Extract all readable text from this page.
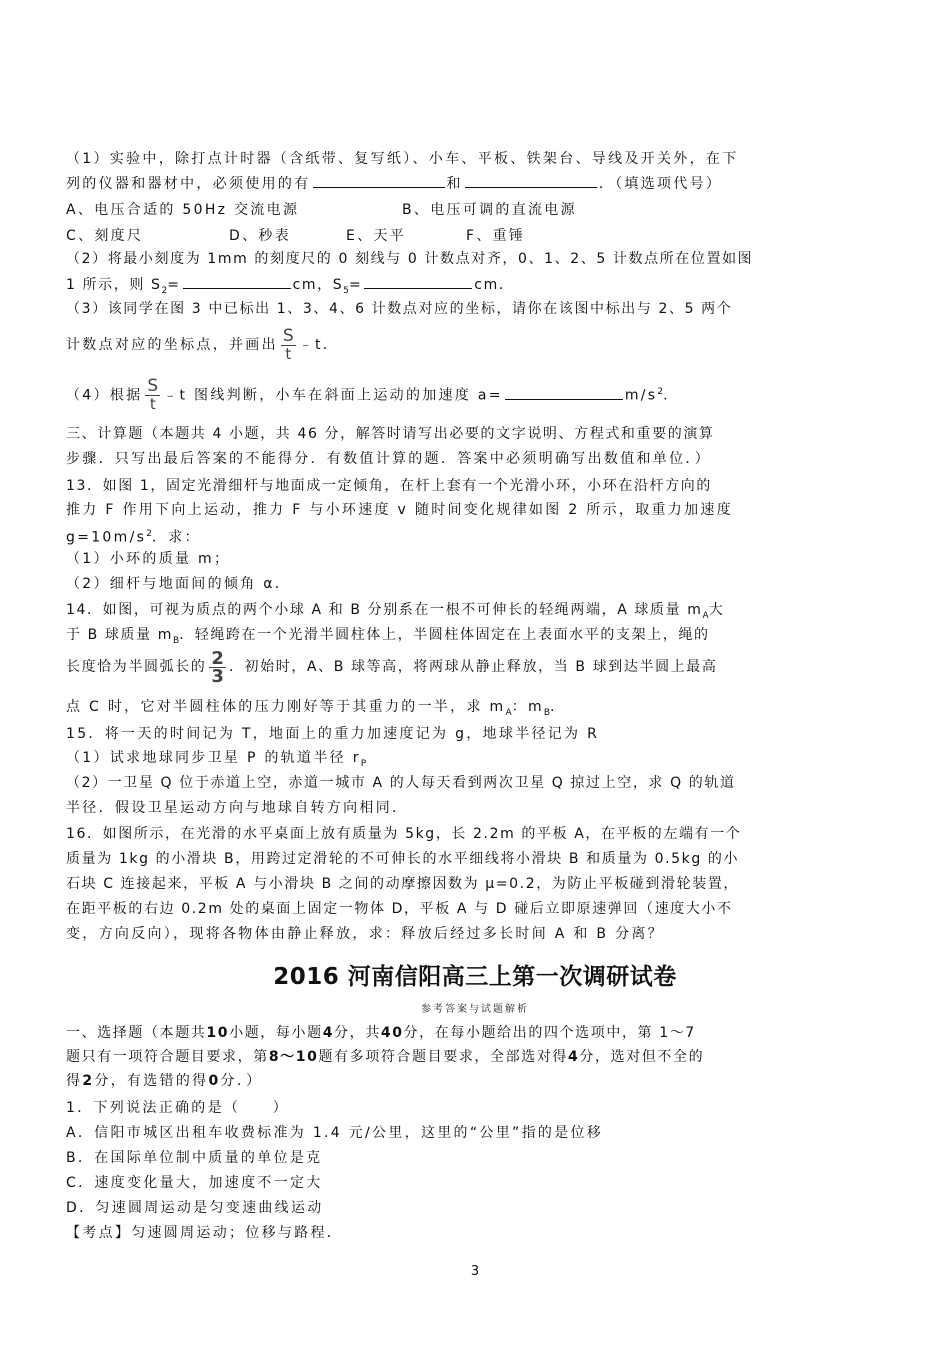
（1）实验中，除打点计时器（含纸带、复写纸）、小车、平板、铁架台、导线及开关外，在下
列的仪器和器材中，必须使用的有	和	．（填选项代号）
A、电压合适的 50Hz 交流电源	B、电压可调的直流电源
C、刻度尺	D、秒表	E、天平	F、重锤
（2）将最小刻度为 1mm 的刻度尺的 0 刻线与 0 计数点对齐，0、1、2、5 计数点所在位置如图
1 所示，则 $S_2=$	cm，$S_5=$	cm．
（3）该同学在图 3 中已标出 1、3、4、6 计数点对应的坐标，请你在该图中标出与 2、5 两个
计数点对应的坐标点，并画出 $\frac{S}{t}$ ﹣t．
（4）根据 $\frac{S}{t}$ ﹣t 图线判断，小车在斜面上运动的加速度 a=	$m/s^2$.
三、计算题（本题共 4 小题，共 46 分，解答时请写出必要的文字说明、方程式和重要的演算
步骤．只写出最后答案的不能得分．有数值计算的题．答案中必须明确写出数值和单位．）
13．如图 1，固定光滑细杆与地面成一定倾角，在杆上套有一个光滑小环，小环在沿杆方向的
推力 F 作用下向上运动，推力 F 与小环速度 v 随时间变化规律如图 2 所示，取重力加速度
$g=10m/s^2$．求：
（1）小环的质量 m；
（2）细杆与地面间的倾角 α．
14．如图，可视为质点的两个小球 A 和 B 分别系在一根不可伸长的轻绳两端，A 球质量 $m_A$大
于 B 球质量 $m_B$．轻绳跨在一个光滑半圆柱体上，半圆柱体固定在上表面水平的支架上，绳的
长度恰为半圆弧长的 $\frac{2}{3}$ ．初始时，A、B 球等高，将两球从静止释放，当 B 球到达半圆上最高
点 C 时，它对半圆柱体的压力刚好等于其重力的一半，求 $m_A$：$m_B$．
15．将一天的时间记为 T，地面上的重力加速度记为 g，地球半径记为 R
（1）试求地球同步卫星 P 的轨道半径 $r_P$
（2）一卫星 Q 位于赤道上空，赤道一城市 A 的人每天看到两次卫星 Q 掠过上空，求 Q 的轨道
半径．假设卫星运动方向与地球自转方向相同．
16．如图所示，在光滑的水平桌面上放有质量为 5kg，长 2.2m 的平板 A，在平板的左端有一个
质量为 1kg 的小滑块 B，用跨过定滑轮的不可伸长的水平细线将小滑块 B 和质量为 0.5kg 的小
石块 C 连接起来，平板 A 与小滑块 B 之间的动摩擦因数为 μ=0.2，为防止平板碰到滑轮装置，
在距平板的右边 0.2m 处的桌面上固定一物体 D，平板 A 与 D 碰后立即原速弹回（速度大小不
变，方向反向），现将各物体由静止释放，求：释放后经过多长时间 A 和 B 分离？
2016 河南信阳高三上第一次调研试卷
参考答案与试题解析
一、选择题（本题共10小题，每小题4分，共40分，在每小题给出的四个选项中，第 1～7
题只有一项符合题目要求，第8～10题有多项符合题目要求，全部选对得4分，选对但不全的
得2分，有选错的得0分．）
1．下列说法正确的是（　　）
A．信阳市城区出租车收费标准为 1.4 元/公里，这里的“公里”指的是位移
B．在国际单位制中质量的单位是克
C．速度变化量大，加速度不一定大
D．匀速圆周运动是匀变速曲线运动
【考点】匀速圆周运动；位移与路程．
3
